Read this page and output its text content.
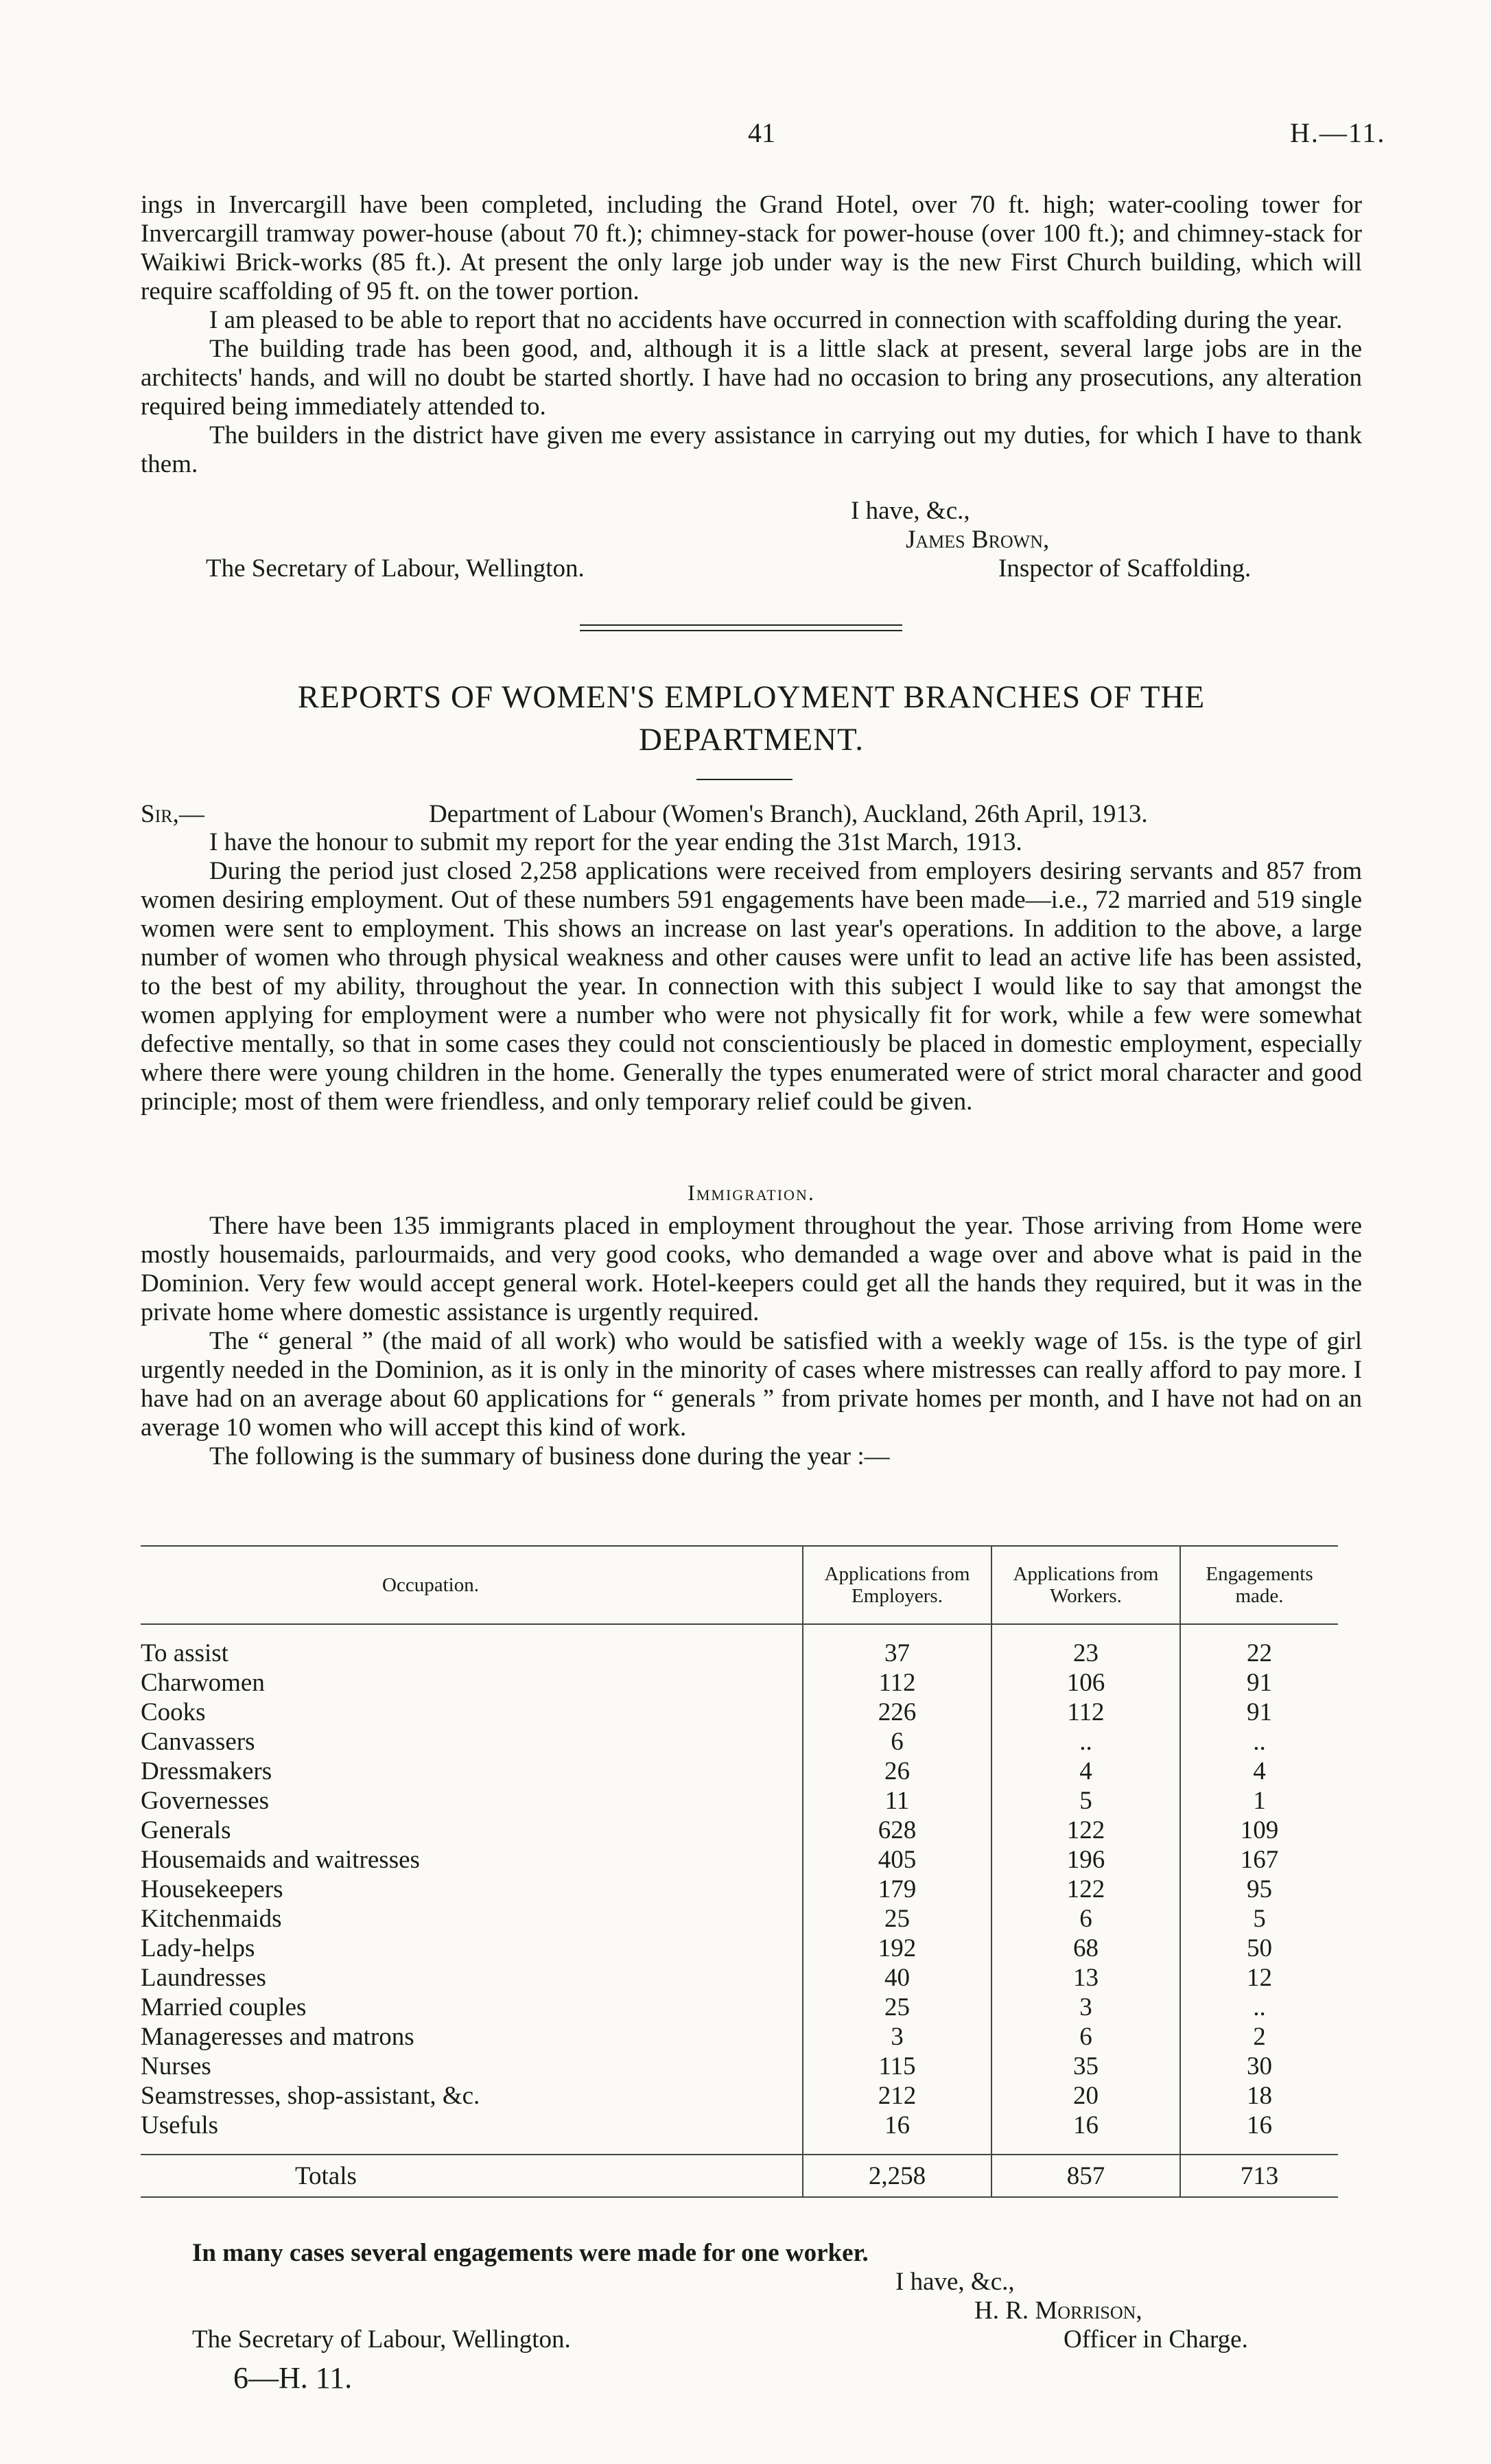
41	H.—11.

ings in Invercargill have been completed, including the Grand Hotel, over 70 ft. high; water-cooling tower for Invercargill tramway power-house (about 70 ft.); chimney-stack for power-house (over 100 ft.); and chimney-stack for Waikiwi Brick-works (85 ft.). At present the only large job under way is the new First Church building, which will require scaffolding of 95 ft. on the tower portion.

I am pleased to be able to report that no accidents have occurred in connection with scaffolding during the year.

The building trade has been good, and, although it is a little slack at present, several large jobs are in the architects' hands, and will no doubt be started shortly. I have had no occasion to bring any prosecutions, any alteration required being immediately attended to.

The builders in the district have given me every assistance in carrying out my duties, for which I have to thank them.

I have, &c.,
James Brown,
Inspector of Scaffolding.
The Secretary of Labour, Wellington.
REPORTS OF WOMEN'S EMPLOYMENT BRANCHES OF THE DEPARTMENT.
Sir,—	Department of Labour (Women's Branch), Auckland, 26th April, 1913.

I have the honour to submit my report for the year ending the 31st March, 1913.

During the period just closed 2,258 applications were received from employers desiring servants and 857 from women desiring employment. Out of these numbers 591 engagements have been made—i.e., 72 married and 519 single women were sent to employment. This shows an increase on last year's operations. In addition to the above, a large number of women who through physical weakness and other causes were unfit to lead an active life has been assisted, to the best of my ability, throughout the year. In connection with this subject I would like to say that amongst the women applying for employment were a number who were not physically fit for work, while a few were somewhat defective mentally, so that in some cases they could not conscientiously be placed in domestic employment, especially where there were young children in the home. Generally the types enumerated were of strict moral character and good principle; most of them were friendless, and only temporary relief could be given.

Immigration.

There have been 135 immigrants placed in employment throughout the year. Those arriving from Home were mostly housemaids, parlourmaids, and very good cooks, who demanded a wage over and above what is paid in the Dominion. Very few would accept general work. Hotel-keepers could get all the hands they required, but it was in the private home where domestic assistance is urgently required.

The “ general ” (the maid of all work) who would be satisfied with a weekly wage of 15s. is the type of girl urgently needed in the Dominion, as it is only in the minority of cases where mistresses can really afford to pay more. I have had on an average about 60 applications for “ generals ” from private homes per month, and I have not had on an average 10 women who will accept this kind of work.

The following is the summary of business done during the year :—

Occupation.	Applications from Employers.	Applications from Workers.	Engagements made.

To assist	37	23	22
Charwomen	112	106	91
Cooks	226	112	91
Canvassers	6	..	..
Dressmakers	26	4	4
Governesses	11	5	1
Generals	628	122	109
Housemaids and waitresses	405	196	167
Housekeepers	179	122	95
Kitchenmaids	25	6	5
Lady-helps	192	68	50
Laundresses	40	13	12
Married couples	25	3	..
Manageresses and matrons	3	6	2
Nurses	115	35	30
Seamstresses, shop-assistant, &c.	212	20	18
Usefuls	16	16	16

Totals	2,258	857	713
In many cases several engagements were made for one worker.
I have, &c.,
H. R. Morrison,
Officer in Charge.
The Secretary of Labour, Wellington.
6—H. 11.
